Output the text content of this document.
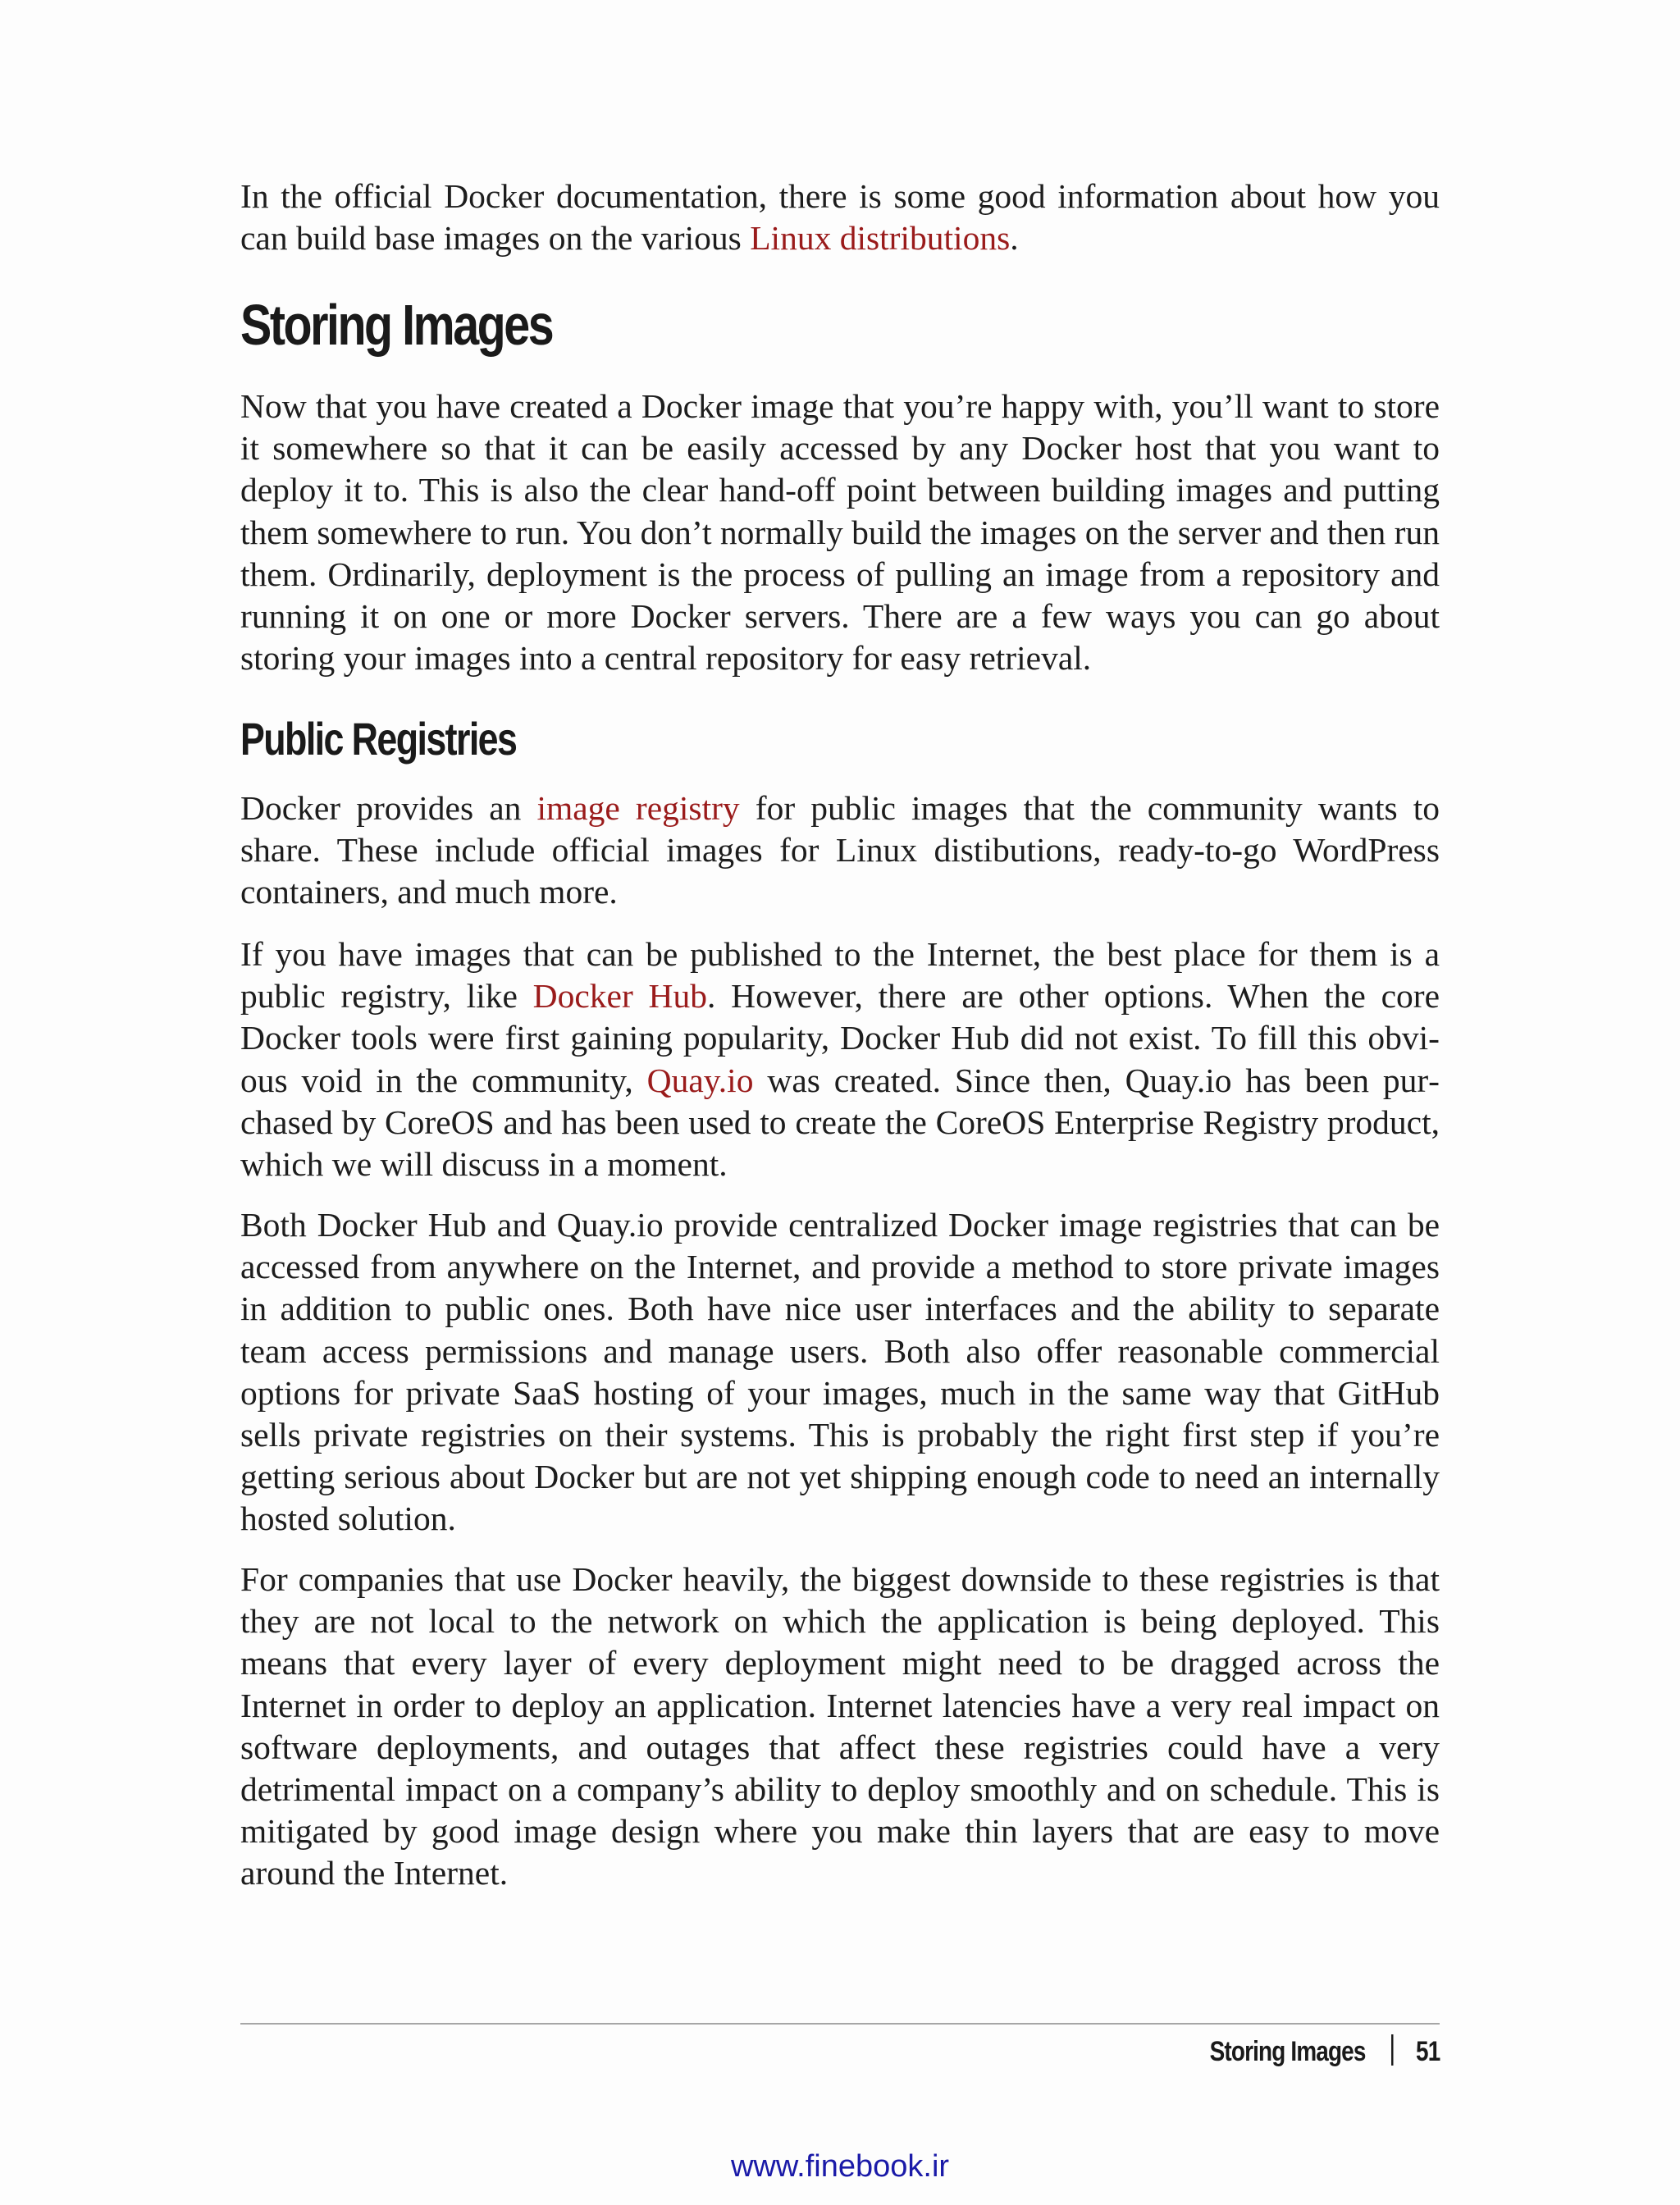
In the official Docker documentation, there is some good information about how you can build base images on the various Linux distributions.

Storing Images

Now that you have created a Docker image that you’re happy with, you’ll want to store it somewhere so that it can be easily accessed by any Docker host that you want to deploy it to. This is also the clear hand-off point between building images and putting them somewhere to run. You don’t normally build the images on the server and then run them. Ordinarily, deployment is the process of pulling an image from a repository and running it on one or more Docker servers. There are a few ways you can go about storing your images into a central repository for easy retrieval.

Public Registries

Docker provides an image registry for public images that the community wants to share. These include official images for Linux distibutions, ready-to-go WordPress containers, and much more.

If you have images that can be published to the Internet, the best place for them is a public registry, like Docker Hub. However, there are other options. When the core Docker tools were first gaining popularity, Docker Hub did not exist. To fill this obvious void in the community, Quay.io was created. Since then, Quay.io has been purchased by CoreOS and has been used to create the CoreOS Enterprise Registry product, which we will discuss in a moment.

Both Docker Hub and Quay.io provide centralized Docker image registries that can be accessed from anywhere on the Internet, and provide a method to store private images in addition to public ones. Both have nice user interfaces and the ability to separate team access permissions and manage users. Both also offer reasonable commercial options for private SaaS hosting of your images, much in the same way that GitHub sells private registries on their systems. This is probably the right first step if you’re getting serious about Docker but are not yet shipping enough code to need an internally hosted solution.

For companies that use Docker heavily, the biggest downside to these registries is that they are not local to the network on which the application is being deployed. This means that every layer of every deployment might need to be dragged across the Internet in order to deploy an application. Internet latencies have a very real impact on software deployments, and outages that affect these registries could have a very detrimental impact on a company’s ability to deploy smoothly and on schedule. This is mitigated by good image design where you make thin layers that are easy to move around the Internet.

Storing Images 51
www.finebook.ir
